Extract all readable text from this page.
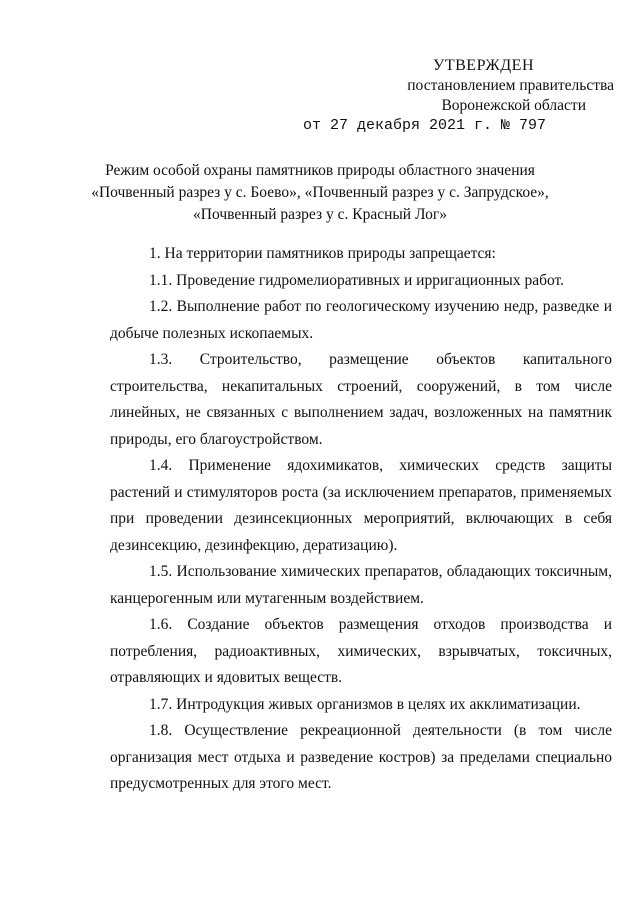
УТВЕРЖДЕН
постановлением правительства
Воронежской области
от 27 декабря 2021 г. № 797
Режим особой охраны памятников природы областного значения
«Почвенный разрез у с. Боево», «Почвенный разрез у с. Запрудское»,
«Почвенный разрез у с. Красный Лог»

1. На территории памятников природы запрещается:

1.1. Проведение гидромелиоративных и ирригационных работ.

1.2. Выполнение работ по геологическому изучению недр, разведке и добыче полезных ископаемых.

1.3. Строительство, размещение объектов капитального строительства, некапитальных строений, сооружений, в том числе линейных, не связанных с выполнением задач, возложенных на памятник природы, его благоустройством.

1.4. Применение ядохимикатов, химических средств защиты растений и стимуляторов роста (за исключением препаратов, применяемых при проведении дезинсекционных мероприятий, включающих в себя дезинсекцию, дезинфекцию, дератизацию).

1.5. Использование химических препаратов, обладающих токсичным, канцерогенным или мутагенным воздействием.

1.6. Создание объектов размещения отходов производства и потребления, радиоактивных, химических, взрывчатых, токсичных, отравляющих и ядовитых веществ.

1.7. Интродукция живых организмов в целях их акклиматизации.

1.8. Осуществление рекреационной деятельности (в том числе организация мест отдыха и разведение костров) за пределами специально предусмотренных для этого мест.
